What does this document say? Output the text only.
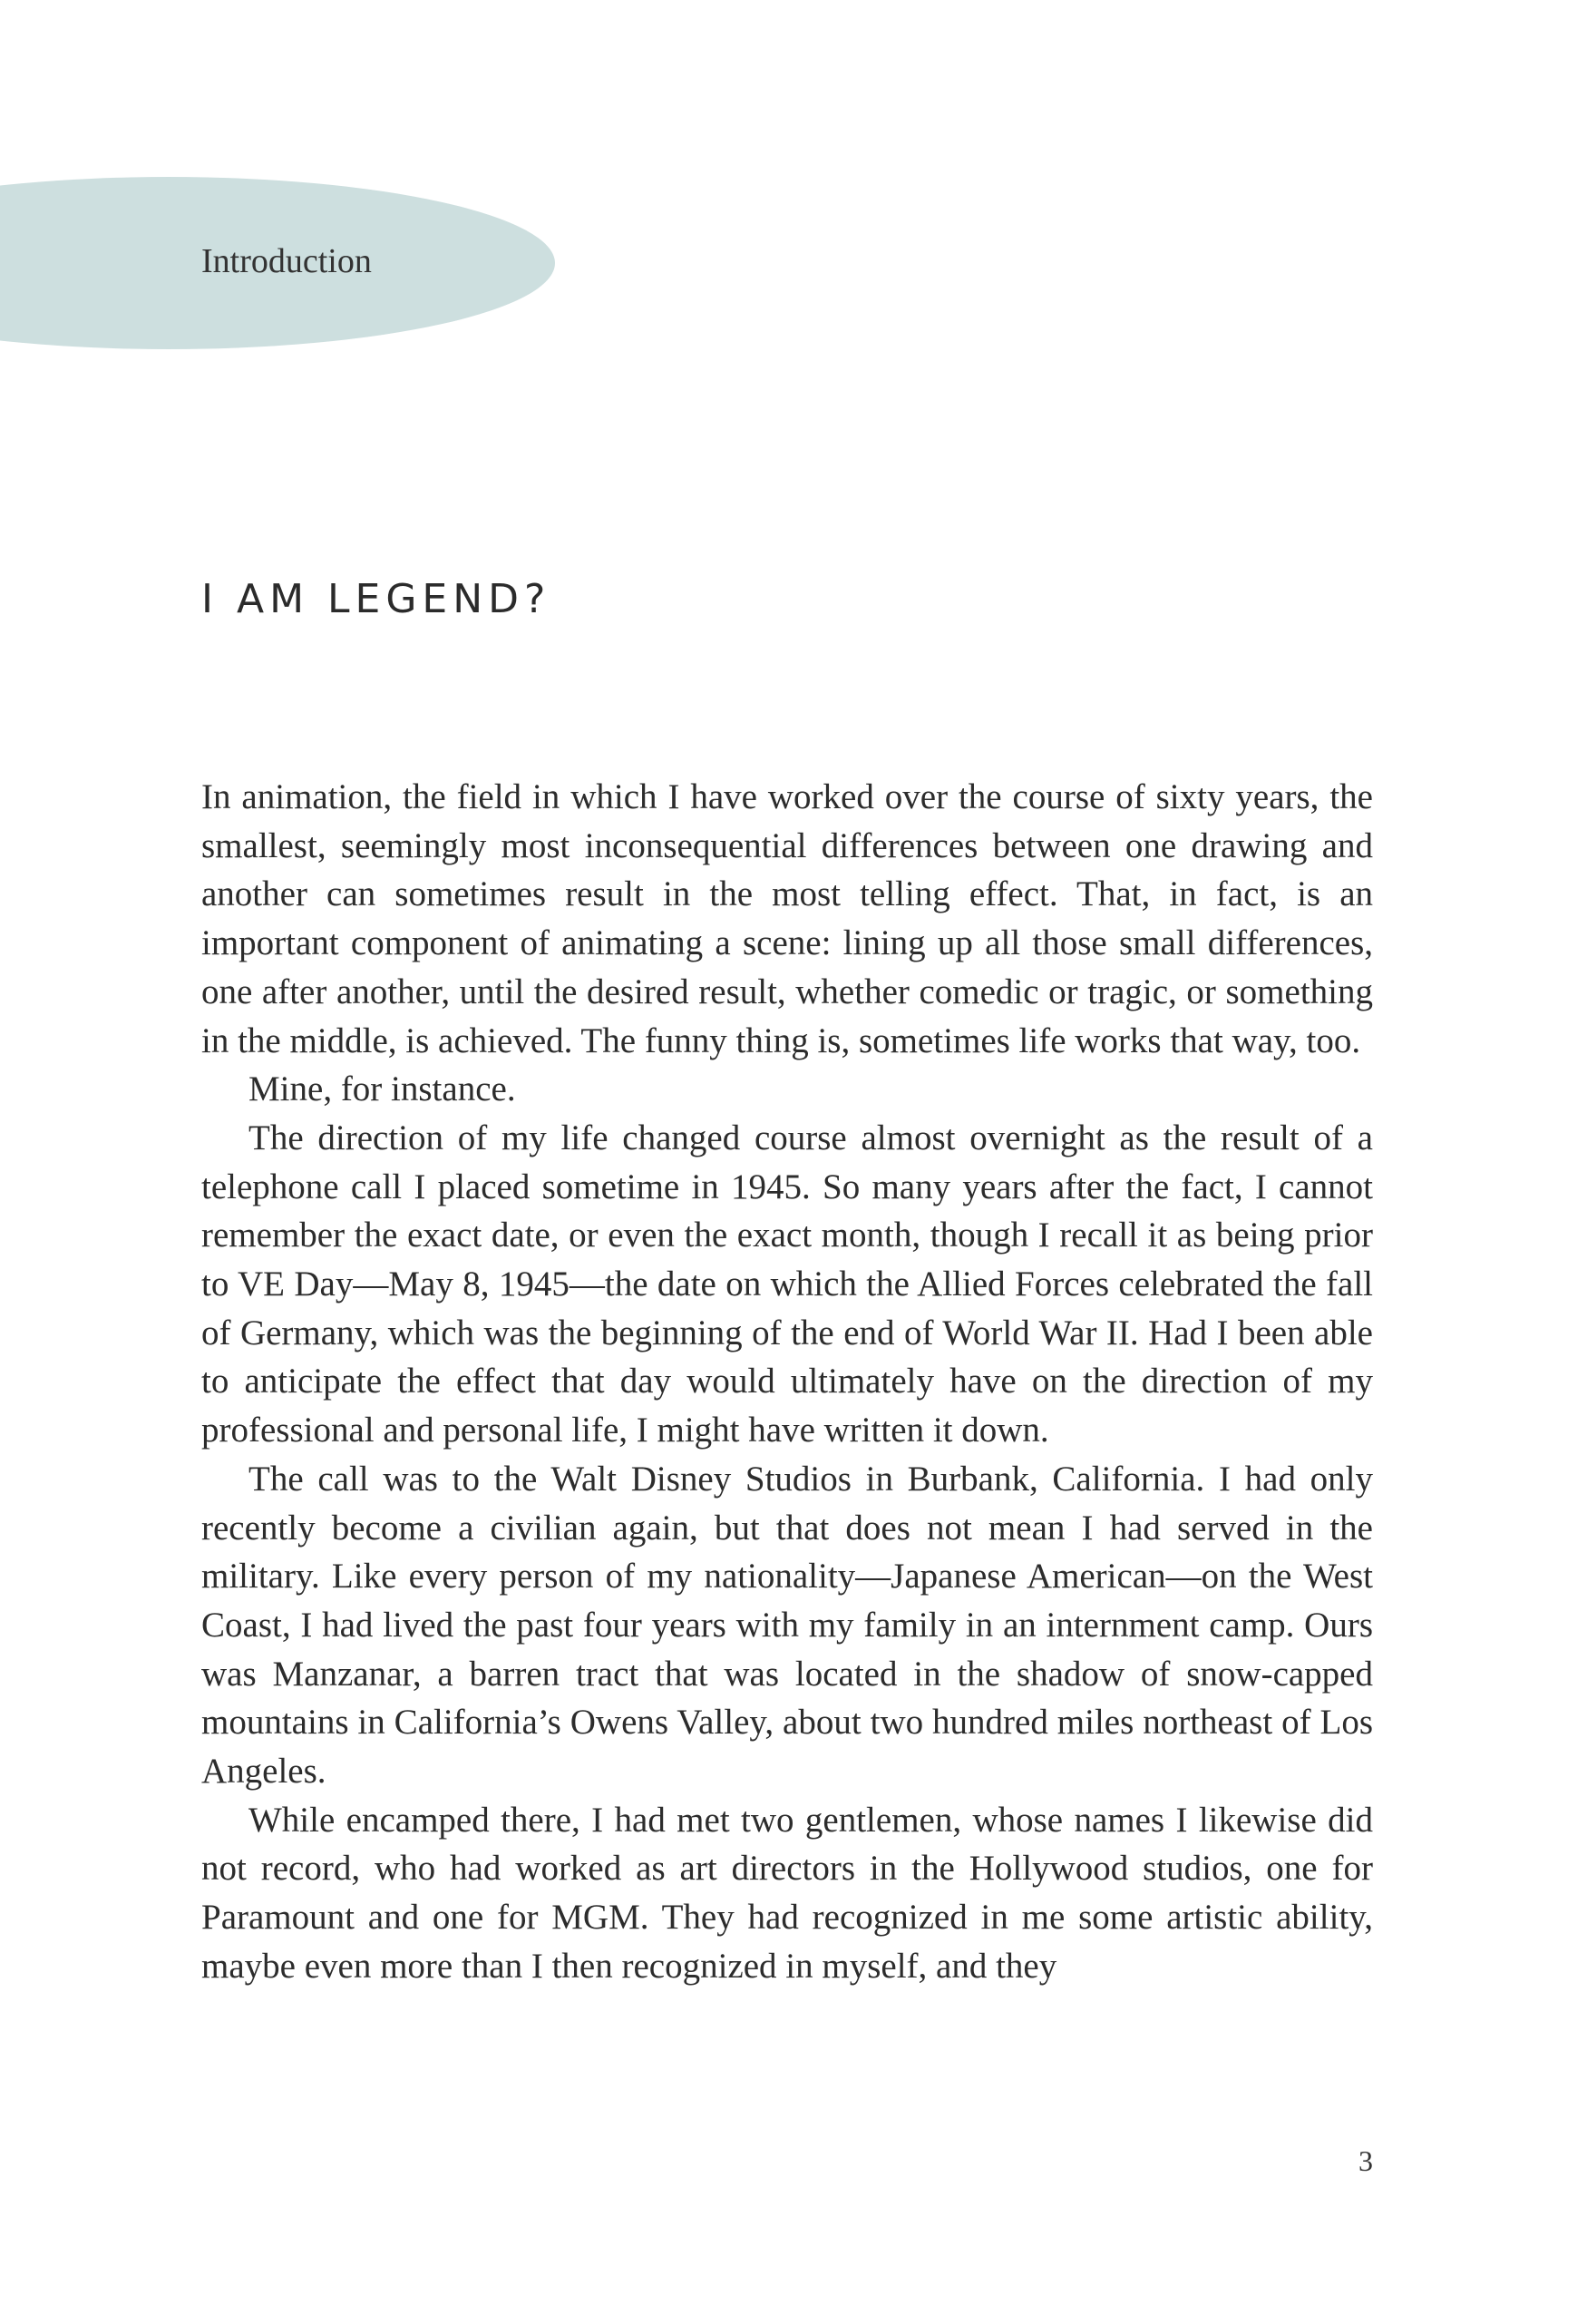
Introduction
I AM LEGEND?

In animation, the field in which I have worked over the course of sixty years, the smallest, seemingly most inconsequential differences between one drawing and another can sometimes result in the most telling effect. That, in fact, is an important component of animating a scene: lining up all those small differences, one after another, until the desired result, whether comedic or tragic, or something in the middle, is achieved. The funny thing is, sometimes life works that way, too.

Mine, for instance.

The direction of my life changed course almost overnight as the result of a telephone call I placed sometime in 1945. So many years after the fact, I cannot remember the exact date, or even the exact month, though I recall it as being prior to VE Day—May 8, 1945—the date on which the Allied Forces celebrated the fall of Germany, which was the beginning of the end of World War II. Had I been able to anticipate the effect that day would ultimately have on the direction of my professional and personal life, I might have written it down.

The call was to the Walt Disney Studios in Burbank, California. I had only recently become a civilian again, but that does not mean I had served in the military. Like every person of my nationality—Japanese American—on the West Coast, I had lived the past four years with my family in an internment camp. Ours was Manzanar, a barren tract that was located in the shadow of snow-capped mountains in California’s Owens Valley, about two hundred miles northeast of Los Angeles.

While encamped there, I had met two gentlemen, whose names I likewise did not record, who had worked as art directors in the Hollywood studios, one for Paramount and one for MGM. They had recognized in me some artistic ability, maybe even more than I then recognized in myself, and they

3
